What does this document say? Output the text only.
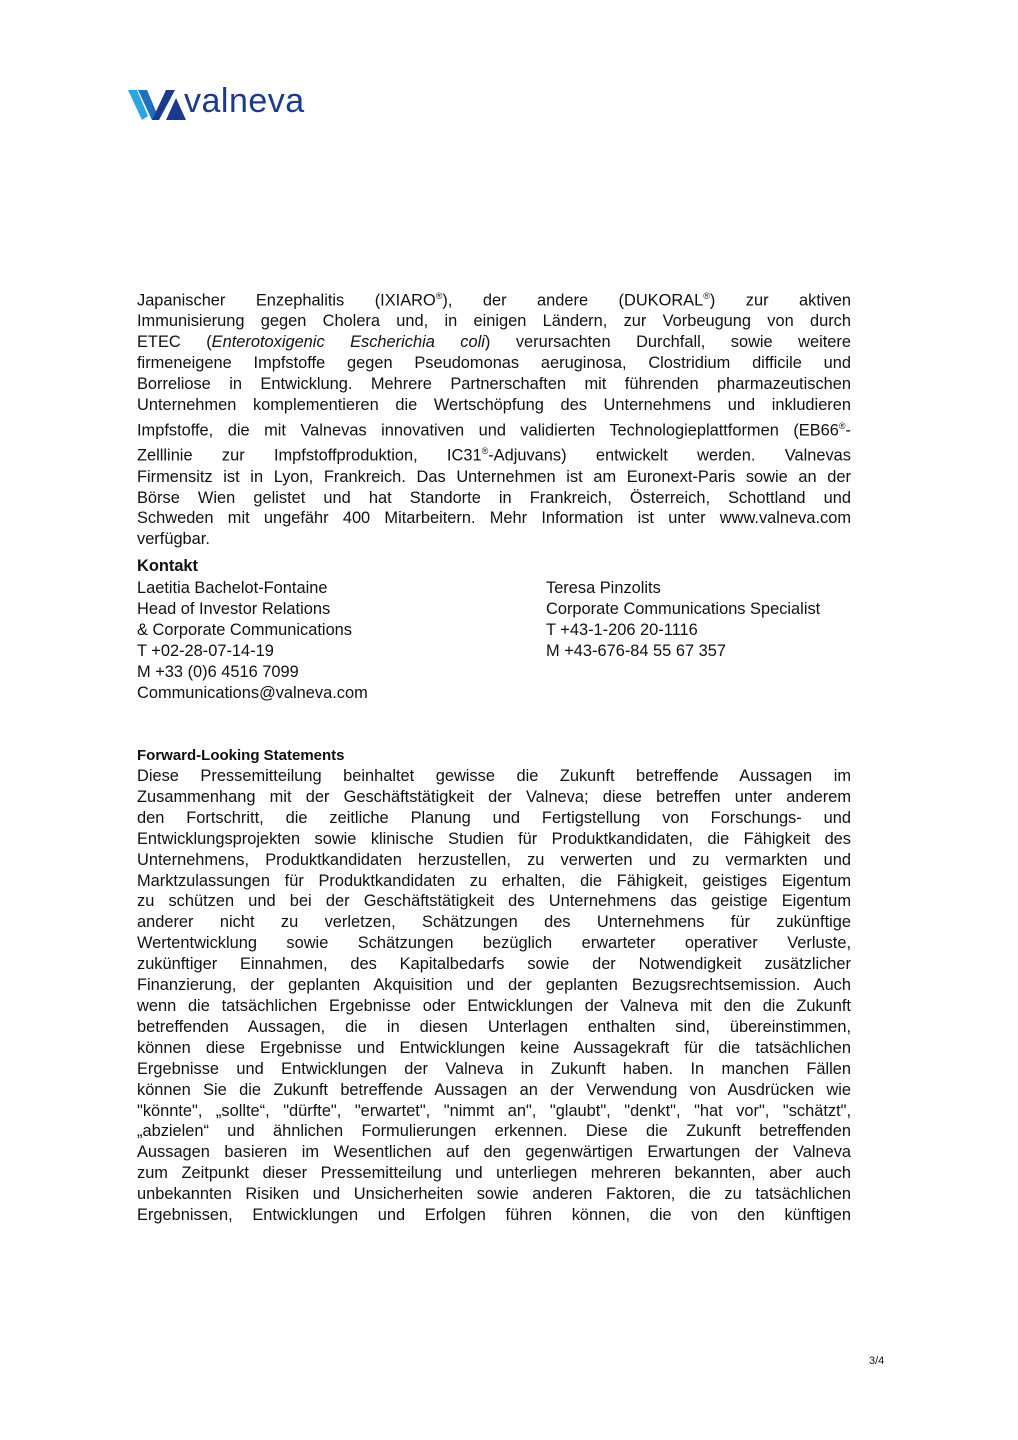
valneva
Japanischer Enzephalitis (IXIARO®), der andere (DUKORAL®) zur aktiven
Immunisierung gegen Cholera und, in einigen Ländern, zur Vorbeugung von durch
ETEC (Enterotoxigenic Escherichia coli) verursachten Durchfall, sowie weitere
firmeneigene Impfstoffe gegen Pseudomonas aeruginosa, Clostridium difficile und
Borreliose in Entwicklung. Mehrere Partnerschaften mit führenden pharmazeutischen
Unternehmen komplementieren die Wertschöpfung des Unternehmens und inkludieren
Impfstoffe, die mit Valnevas innovativen und validierten Technologieplattformen (EB66®-
Zelllinie zur Impfstoffproduktion, IC31®-Adjuvans) entwickelt werden. Valnevas
Firmensitz ist in Lyon, Frankreich. Das Unternehmen ist am Euronext-Paris sowie an der
Börse Wien gelistet und hat Standorte in Frankreich, Österreich, Schottland und
Schweden mit ungefähr 400 Mitarbeitern. Mehr Information ist unter www.valneva.com
verfügbar.
Kontakt
Laetitia Bachelot-Fontaine
Head of Investor Relations
& Corporate Communications
T +02-28-07-14-19
M +33 (0)6 4516 7099
Communications@valneva.com
Teresa Pinzolits
Corporate Communications Specialist
T +43-1-206 20-1116
M +43-676-84 55 67 357
Forward-Looking Statements
Diese Pressemitteilung beinhaltet gewisse die Zukunft betreffende Aussagen im
Zusammenhang mit der Geschäftstätigkeit der Valneva; diese betreffen unter anderem
den Fortschritt, die zeitliche Planung und Fertigstellung von Forschungs- und
Entwicklungsprojekten sowie klinische Studien für Produktkandidaten, die Fähigkeit des
Unternehmens, Produktkandidaten herzustellen, zu verwerten und zu vermarkten und
Marktzulassungen für Produktkandidaten zu erhalten, die Fähigkeit, geistiges Eigentum
zu schützen und bei der Geschäftstätigkeit des Unternehmens das geistige Eigentum
anderer nicht zu verletzen, Schätzungen des Unternehmens für zukünftige
Wertentwicklung sowie Schätzungen bezüglich erwarteter operativer Verluste,
zukünftiger Einnahmen, des Kapitalbedarfs sowie der Notwendigkeit zusätzlicher
Finanzierung, der geplanten Akquisition und der geplanten Bezugsrechtsemission. Auch
wenn die tatsächlichen Ergebnisse oder Entwicklungen der Valneva mit den die Zukunft
betreffenden Aussagen, die in diesen Unterlagen enthalten sind, übereinstimmen,
können diese Ergebnisse und Entwicklungen keine Aussagekraft für die tatsächlichen
Ergebnisse und Entwicklungen der Valneva in Zukunft haben. In manchen Fällen
können Sie die Zukunft betreffende Aussagen an der Verwendung von Ausdrücken wie
"könnte", „sollte“, "dürfte", "erwartet", "nimmt an", "glaubt", "denkt", "hat vor", "schätzt",
„abzielen“ und ähnlichen Formulierungen erkennen. Diese die Zukunft betreffenden
Aussagen basieren im Wesentlichen auf den gegenwärtigen Erwartungen der Valneva
zum Zeitpunkt dieser Pressemitteilung und unterliegen mehreren bekannten, aber auch
unbekannten Risiken und Unsicherheiten sowie anderen Faktoren, die zu tatsächlichen
Ergebnissen, Entwicklungen und Erfolgen führen können, die von den künftigen
3/4
